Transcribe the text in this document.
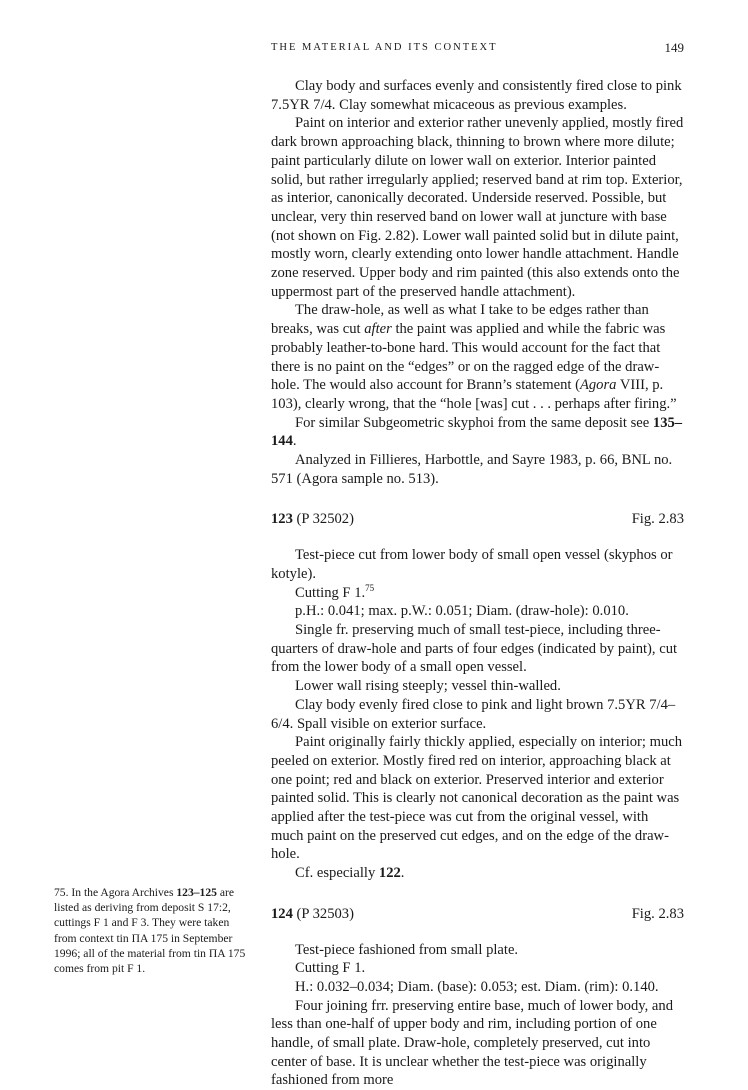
THE MATERIAL AND ITS CONTEXT	149

Clay body and surfaces evenly and consistently fired close to pink 7.5YR 7/4. Clay somewhat micaceous as previous examples.

Paint on interior and exterior rather unevenly applied, mostly fired dark brown approaching black, thinning to brown where more dilute; paint particularly dilute on lower wall on exterior. Interior painted solid, but rather irregularly applied; reserved band at rim top. Exterior, as interior, canonically decorated. Underside reserved. Possible, but unclear, very thin reserved band on lower wall at juncture with base (not shown on Fig. 2.82). Lower wall painted solid but in dilute paint, mostly worn, clearly extending onto lower handle attachment. Handle zone reserved. Upper body and rim painted (this also extends onto the uppermost part of the preserved handle attachment).

The draw-hole, as well as what I take to be edges rather than breaks, was cut after the paint was applied and while the fabric was probably leather-to-bone hard. This would account for the fact that there is no paint on the “edges” or on the ragged edge of the draw-hole. The would also account for Brann’s statement (Agora VIII, p. 103), clearly wrong, that the “hole [was] cut . . . perhaps after firing.”

For similar Subgeometric skyphoi from the same deposit see 135–144.

Analyzed in Fillieres, Harbottle, and Sayre 1983, p. 66, BNL no. 571 (Agora sample no. 513).

123 (P 32502)	Fig. 2.83

Test-piece cut from lower body of small open vessel (skyphos or kotyle).

Cutting F 1.75

p.H.: 0.041; max. p.W.: 0.051; Diam. (draw-hole): 0.010.

Single fr. preserving much of small test-piece, including three-quarters of draw-hole and parts of four edges (indicated by paint), cut from the lower body of a small open vessel.

Lower wall rising steeply; vessel thin-walled.

Clay body evenly fired close to pink and light brown 7.5YR 7/4–6/4. Spall visible on exterior surface.

Paint originally fairly thickly applied, especially on interior; much peeled on exterior. Mostly fired red on interior, approaching black at one point; red and black on exterior. Preserved interior and exterior painted solid. This is clearly not canonical decoration as the paint was applied after the test-piece was cut from the original vessel, with much paint on the preserved cut edges, and on the edge of the draw-hole.

Cf. especially 122.

124 (P 32503)	Fig. 2.83

Test-piece fashioned from small plate.

Cutting F 1.

H.: 0.032–0.034; Diam. (base): 0.053; est. Diam. (rim): 0.140.

Four joining frr. preserving entire base, much of lower body, and less than one-half of upper body and rim, including portion of one handle, of small plate. Draw-hole, completely preserved, cut into center of base. It is unclear whether the test-piece was originally fashioned from more

75. In the Agora Archives 123–125 are listed as deriving from deposit S 17:2, cuttings F 1 and F 3. They were taken from context tin ΠΑ 175 in September 1996; all of the material from tin ΠΑ 175 comes from pit F 1.
